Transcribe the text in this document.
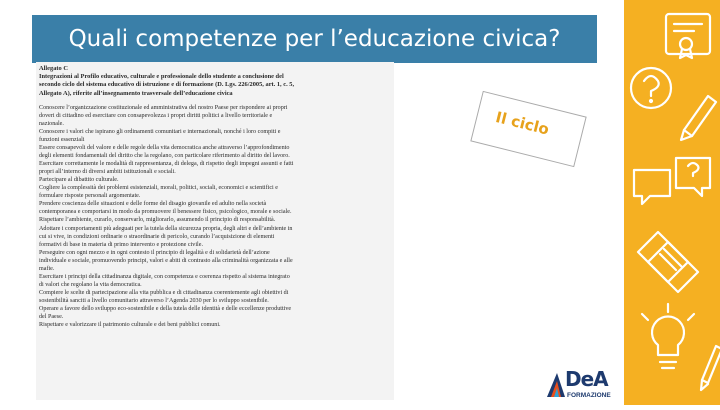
Quali competenze per l’educazione civica?
Allegato C
Integrazioni al Profilo educativo, culturale e professionale dello studente a conclusione del
secondo ciclo del sistema educativo di istruzione e di formazione (D. Lgs. 226/2005, art. 1, c. 5,
Allegato A), riferite all’insegnamento trasversale dell’educazione civica
Conoscere l’organizzazione costituzionale ed amministrativa del nostro Paese per rispondere ai propri
doveri di cittadino ed esercitare con consapevolezza i propri diritti politici a livello territoriale e
nazionale.
Conoscere i valori che ispirano gli ordinamenti comunitari e internazionali, nonché i loro compiti e
funzioni essenziali
Essere consapevoli del valore e delle regole della vita democratica anche attraverso l’approfondimento
degli elementi fondamentali del diritto che la regolano, con particolare riferimento al diritto del lavoro.
Esercitare correttamente le modalità di rappresentanza, di delega, di rispetto degli impegni assunti e fatti
propri all’interno di diversi ambiti istituzionali e sociali.
Partecipare al dibattito culturale.
Cogliere la complessità dei problemi esistenziali, morali, politici, sociali, economici e scientifici e
formulare risposte personali argomentate.
Prendere coscienza delle situazioni e delle forme del disagio giovanile ed adulto nella società
contemporanea e comportarsi in modo da promuovere il benessere fisico, psicologico, morale e sociale.
Rispettare l’ambiente, curarlo, conservarlo, migliorarlo, assumendo il principio di responsabilità.
Adottare i comportamenti più adeguati per la tutela della sicurezza propria, degli altri e dell’ambiente in
cui si vive, in condizioni ordinarie o straordinarie di pericolo, curando l’acquisizione di elementi
formativi di base in materia di primo intervento e protezione civile.
Perseguire con ogni mezzo e in ogni contesto il principio di legalità e di solidarietà dell’azione
individuale e sociale, promuovendo principi, valori e abiti di contrasto alla criminalità organizzata e alle
mafie.
Esercitare i principi della cittadinanza digitale, con competenza e coerenza rispetto al sistema integrato
di valori che regolano la vita democratica.
Compiere le scelte di partecipazione alla vita pubblica e di cittadinanza coerentemente agli obiettivi di
sostenibilità sanciti a livello comunitario attraverso l’Agenda 2030 per lo sviluppo sostenibile.
Operare a favore dello sviluppo eco-sostenibile e della tutela delle identità e delle eccellenze produttive
del Paese.
Rispettare e valorizzare il patrimonio culturale e dei beni pubblici comuni.
Il ciclo
DeA
FORMAZIONE
